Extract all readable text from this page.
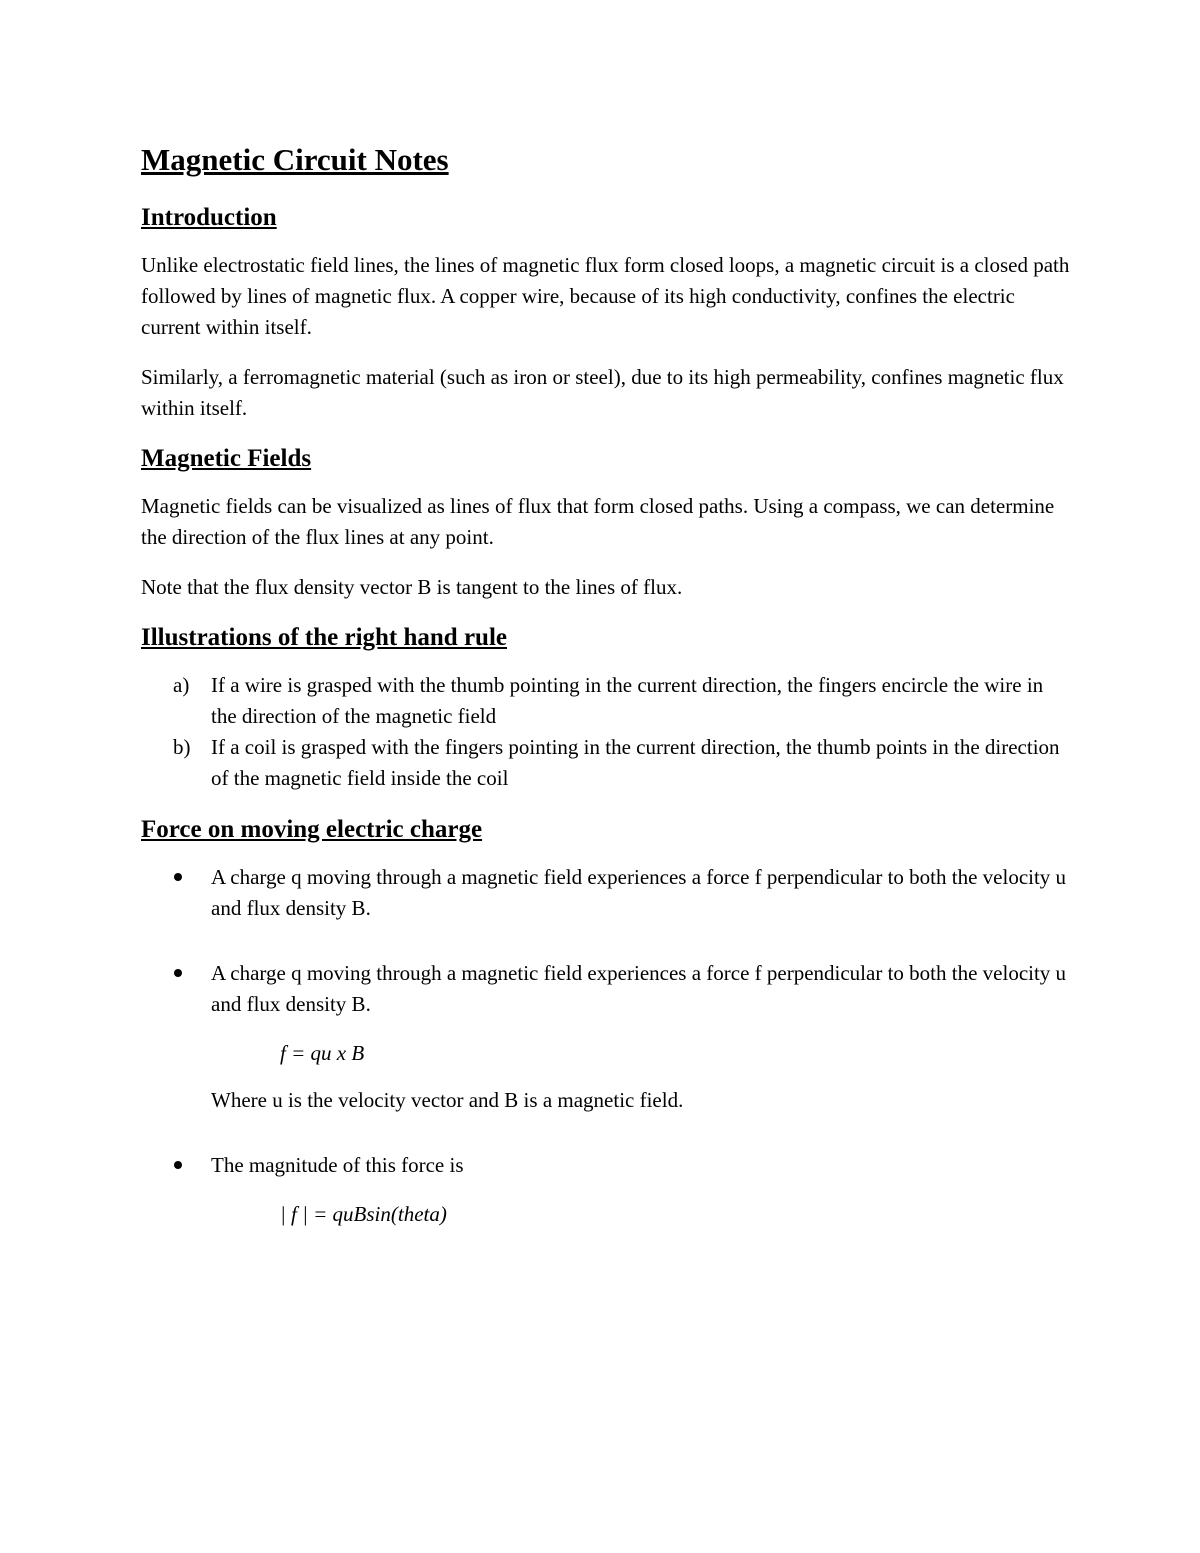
Magnetic Circuit Notes
Introduction

Unlike electrostatic field lines, the lines of magnetic flux form closed loops, a magnetic circuit is a closed path followed by lines of magnetic flux. A copper wire, because of its high conductivity, confines the electric current within itself.

Similarly, a ferromagnetic material (such as iron or steel), due to its high permeability, confines magnetic flux within itself.

Magnetic Fields

Magnetic fields can be visualized as lines of flux that form closed paths. Using a compass, we can determine the direction of the flux lines at any point.

Note that the flux density vector B is tangent to the lines of flux.

Illustrations of the right hand rule
a) If a wire is grasped with the thumb pointing in the current direction, the fingers encircle the wire in the direction of the magnetic field
b) If a coil is grasped with the fingers pointing in the current direction, the thumb points in the direction of the magnetic field inside the coil
Force on moving electric charge
A charge q moving through a magnetic field experiences a force f perpendicular to both the velocity u and flux density B.
A charge q moving through a magnetic field experiences a force f perpendicular to both the velocity u and flux density B.
f = qu x B
Where u is the velocity vector and B is a magnetic field.
The magnitude of this force is
| f | = quBsin(theta)
